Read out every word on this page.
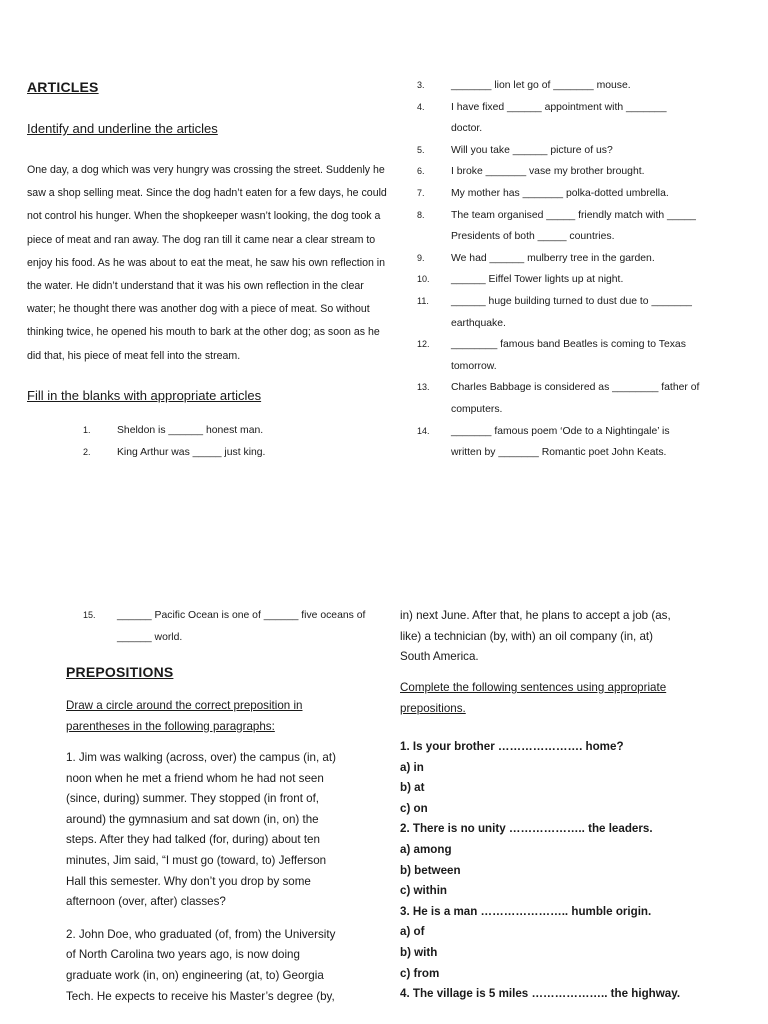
ARTICLES
Identify and underline the articles
One day, a dog which was very hungry was crossing the street. Suddenly he
saw a shop selling meat. Since the dog hadn’t eaten for a few days, he could
not control his hunger. When the shopkeeper wasn’t looking, the dog took a
piece of meat and ran away. The dog ran till it came near a clear stream to
enjoy his food. As he was about to eat the meat, he saw his own reflection in
the water. He didn’t understand that it was his own reflection in the clear
water; he thought there was another dog with a piece of meat. So without
thinking twice, he opened his mouth to bark at the other dog; as soon as he
did that, his piece of meat fell into the stream.
Fill in the blanks with appropriate articles
1.	Sheldon is ______ honest man.
2.	King Arthur was _____ just king.
3.	_______ lion let go of _______ mouse.
4.	I have fixed ______ appointment with _______
doctor.
5.	Will you take ______ picture of us?
6.	I broke _______ vase my brother brought.
7.	My mother has _______ polka-dotted umbrella.
8.	The team organised _____ friendly match with _____
Presidents of both _____ countries.
9.	We had ______ mulberry tree in the garden.
10.	______ Eiffel Tower lights up at night.
11.	______ huge building turned to dust due to _______
earthquake.
12.	________ famous band Beatles is coming to Texas
tomorrow.
13.	Charles Babbage is considered as ________ father of
computers.
14.	_______ famous poem ‘Ode to a Nightingale’ is
written by _______ Romantic poet John Keats.
15.	______ Pacific Ocean is one of ______ five oceans of
______ world.
PREPOSITIONS
Draw a circle around the correct preposition in
parentheses in the following paragraphs:
1. Jim was walking (across, over) the campus (in, at)
noon when he met a friend whom he had not seen
(since, during) summer. They stopped (in front of,
around) the gymnasium and sat down (in, on) the
steps. After they had talked (for, during) about ten
minutes, Jim said, “I must go (toward, to) Jefferson
Hall this semester. Why don’t you drop by some
afternoon (over, after) classes?
2. John Doe, who graduated (of, from) the University
of North Carolina two years ago, is now doing
graduate work (in, on) engineering (at, to) Georgia
Tech. He expects to receive his Master’s degree (by,
in) next June. After that, he plans to accept a job (as,
like) a technician (by, with) an oil company (in, at)
South America.
Complete the following sentences using appropriate
prepositions.
1. Is your brother …………………. home?
a) in
b) at
c) on
2. There is no unity ……………….. the leaders.
a) among
b) between
c) within
3. He is a man ………………….. humble origin.
a) of
b) with
c) from
4. The village is 5 miles ……………….. the highway.
